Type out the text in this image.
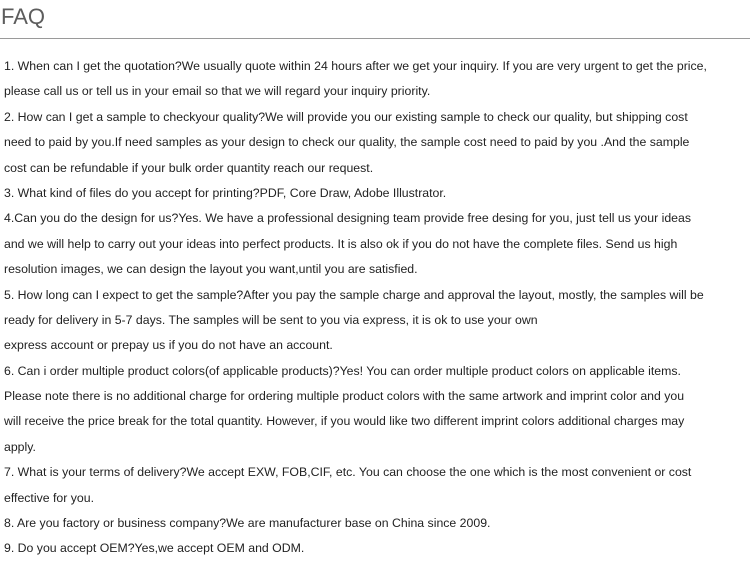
FAQ
1. When can I get the quotation?We usually quote within 24 hours after we get your inquiry. If you are very urgent to get the price,
please call us or tell us in your email so that we will regard your inquiry priority.
2. How can I get a sample to checkyour quality?We will provide you our existing sample to check our quality, but shipping cost
need to paid by you.If need samples as your design to check our quality, the sample cost need to paid by you .And the sample
cost can be refundable if your bulk order quantity reach our request.
3. What kind of files do you accept for printing?PDF, Core Draw, Adobe Illustrator.
4.Can you do the design for us?Yes. We have a professional designing team provide free desing for you, just tell us your ideas
and we will help to carry out your ideas into perfect products. It is also ok if you do not have the complete files. Send us high
resolution images, we can design the layout you want,until you are satisfied.
5. How long can I expect to get the sample?After you pay the sample charge and approval the layout, mostly, the samples will be
ready for delivery in 5-7 days. The samples will be sent to you via express, it is ok to use your own
express account or prepay us if you do not have an account.
6. Can i order multiple product colors(of applicable products)?Yes! You can order multiple product colors on applicable items.
Please note there is no additional charge for ordering multiple product colors with the same artwork and imprint color and you
will receive the price break for the total quantity. However, if you would like two different imprint colors additional charges may
apply.
7. What is your terms of delivery?We accept EXW, FOB,CIF, etc. You can choose the one which is the most convenient or cost
effective for you.
8. Are you factory or business company?We are manufacturer base on China since 2009.
9. Do you accept OEM?Yes,we accept OEM and ODM.
